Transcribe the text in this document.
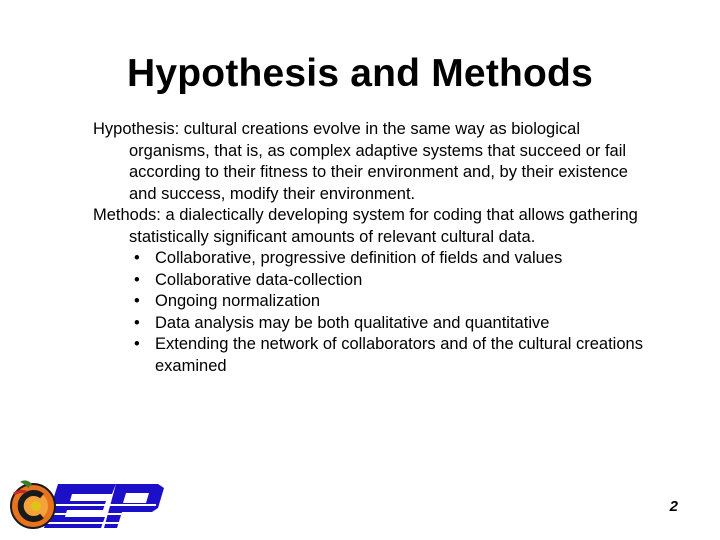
Hypothesis and Methods

Hypothesis: cultural creations evolve in the same way as biological organisms, that is, as complex adaptive systems that succeed or fail according to their fitness to their environment and, by their existence and success, modify their environment.

Methods: a dialectically developing system for coding that allows gathering statistically significant amounts of relevant cultural data.

• Collaborative, progressive definition of fields and values
• Collaborative data-collection
• Ongoing normalization
• Data analysis may be both qualitative and quantitative
• Extending the network of collaborators and of the cultural creations examined
2
